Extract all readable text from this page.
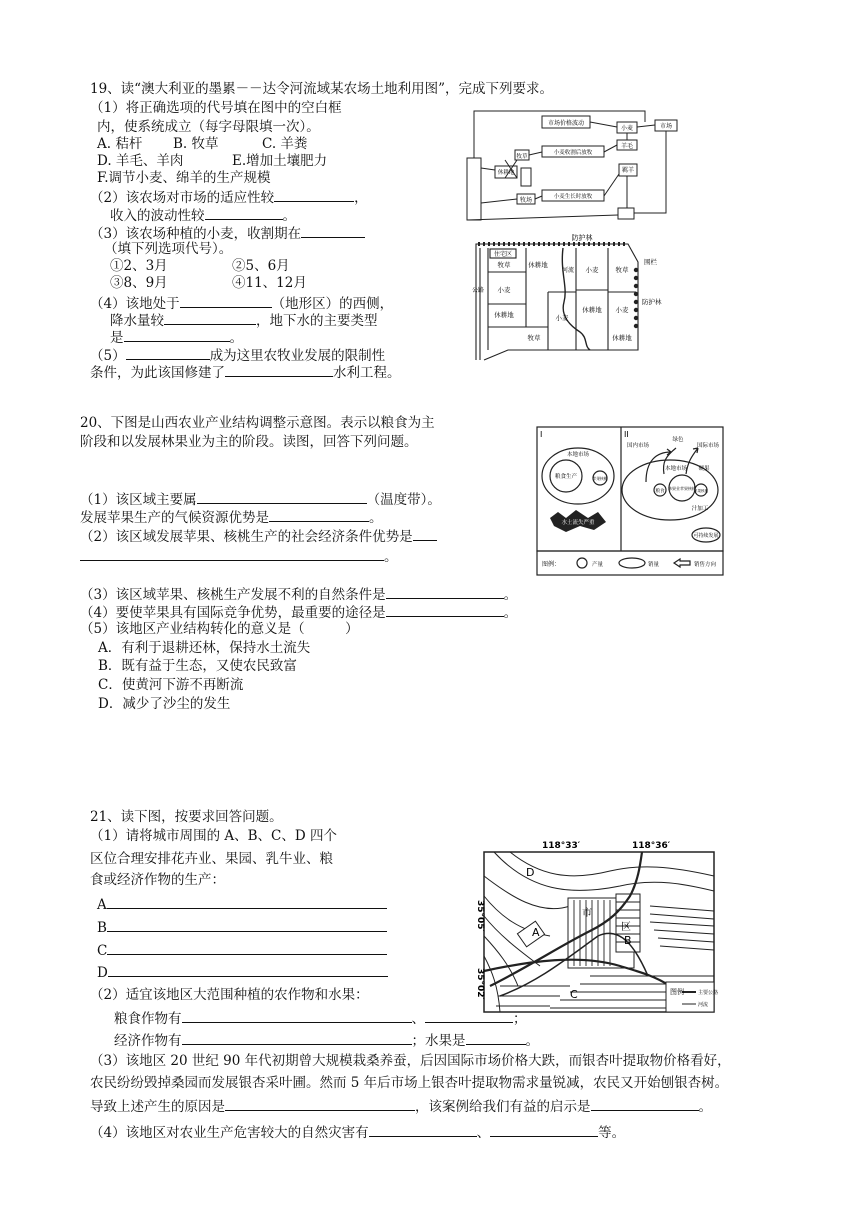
19、读“澳大利亚的墨累－－达令河流域某农场土地利用图”，完成下列要求。
（1）将正确选项的代号填在图中的空白框
内，使系统成立（每字母限填一次）。
A. 秸杆 B. 牧草	C. 羊粪
D. 羊毛、羊肉	E.增加土壤肥力
F.调节小麦、绵羊的生产规模
（2）该农场对市场的适应性较	，
收入的波动性较	。
（3）该农场种植的小麦，收割期在
（填下列选项代号）。
①2、3月	②5、6月
③8、9月	④11、12月
（4）该地处于	（地形区）的西侧，
降水量较	，地下水的主要类型
是	。
（5）	成为这里农牧业发展的限制性
条件，为此该国修建了	水利工程。
市场价格波动	市场
小麦
羊毛
小麦收割后放牧
牧草
休耕地
牧场	小麦生长时放牧
羁羊
防护林
住宅区
公路
牧草
小麦
休耕地
休耕地
牧草
小麦
河流 小麦
休耕地
牧草
小麦
休耕地
围栏
防护林
20、下图是山西农业产业结构调整示意图。表示以粮食为主
阶段和以发展林果业为主的阶段。读图，回答下列问题。
（1）该区域主要属	（温度带）。
发展苹果生产的气候资源优势是	。
（2）该区域发展苹果、核桃生产的社会经济条件优势是
。
（3）该区域苹果、核桃生产发展不利的自然条件是	。
（4）要使苹果具有国际竞争优势，最重要的途径是	。
（5）该地区产业结构转化的意义是（　　　）
A．有利于退耕还林，保持水土流失
B．既有益于生态，又使农民致富
C．使黄河下游不再断流
D．减少了沙尘的发生
I	II
本地市场
粮食生产	苹果核桃
水土流失严重
国内市场
绿色
国际市场
本地市场
粮食
林果业苹果核桃
苹果核桃
硬果
汁加工
可持续发展
图例：	产量	销量	销售方向
21、读下图，按要求回答问题。
（1）请将城市周围的 A、B、C、D 四个
区位合理安排花卉业、果园、乳牛业、粮
食或经济作物的生产：
A
B
C
D
（2）适宜该地区大范围种植的农作物和水果：
粮食作物有	、	；
经济作物有	；水果是	。
（3）该地区 20 世纪 90 年代初期曾大规模栽桑养蚕，后因国际市场价格大跌，而银杏叶提取物价格看好，
农民纷纷毁掉桑园而发展银杏采叶圃。然而 5 年后市场上银杏叶提取物需求量锐减，农民又开始刨银杏树。
导致上述产生的原因是	，该案例给我们有益的启示是	。
（4）该地区对农业生产危害较大的自然灾害有	、	等。
118°33′	118°36′
35°05′
35°02′
D
A
B
C
市
区
图例	主要公路
河流
